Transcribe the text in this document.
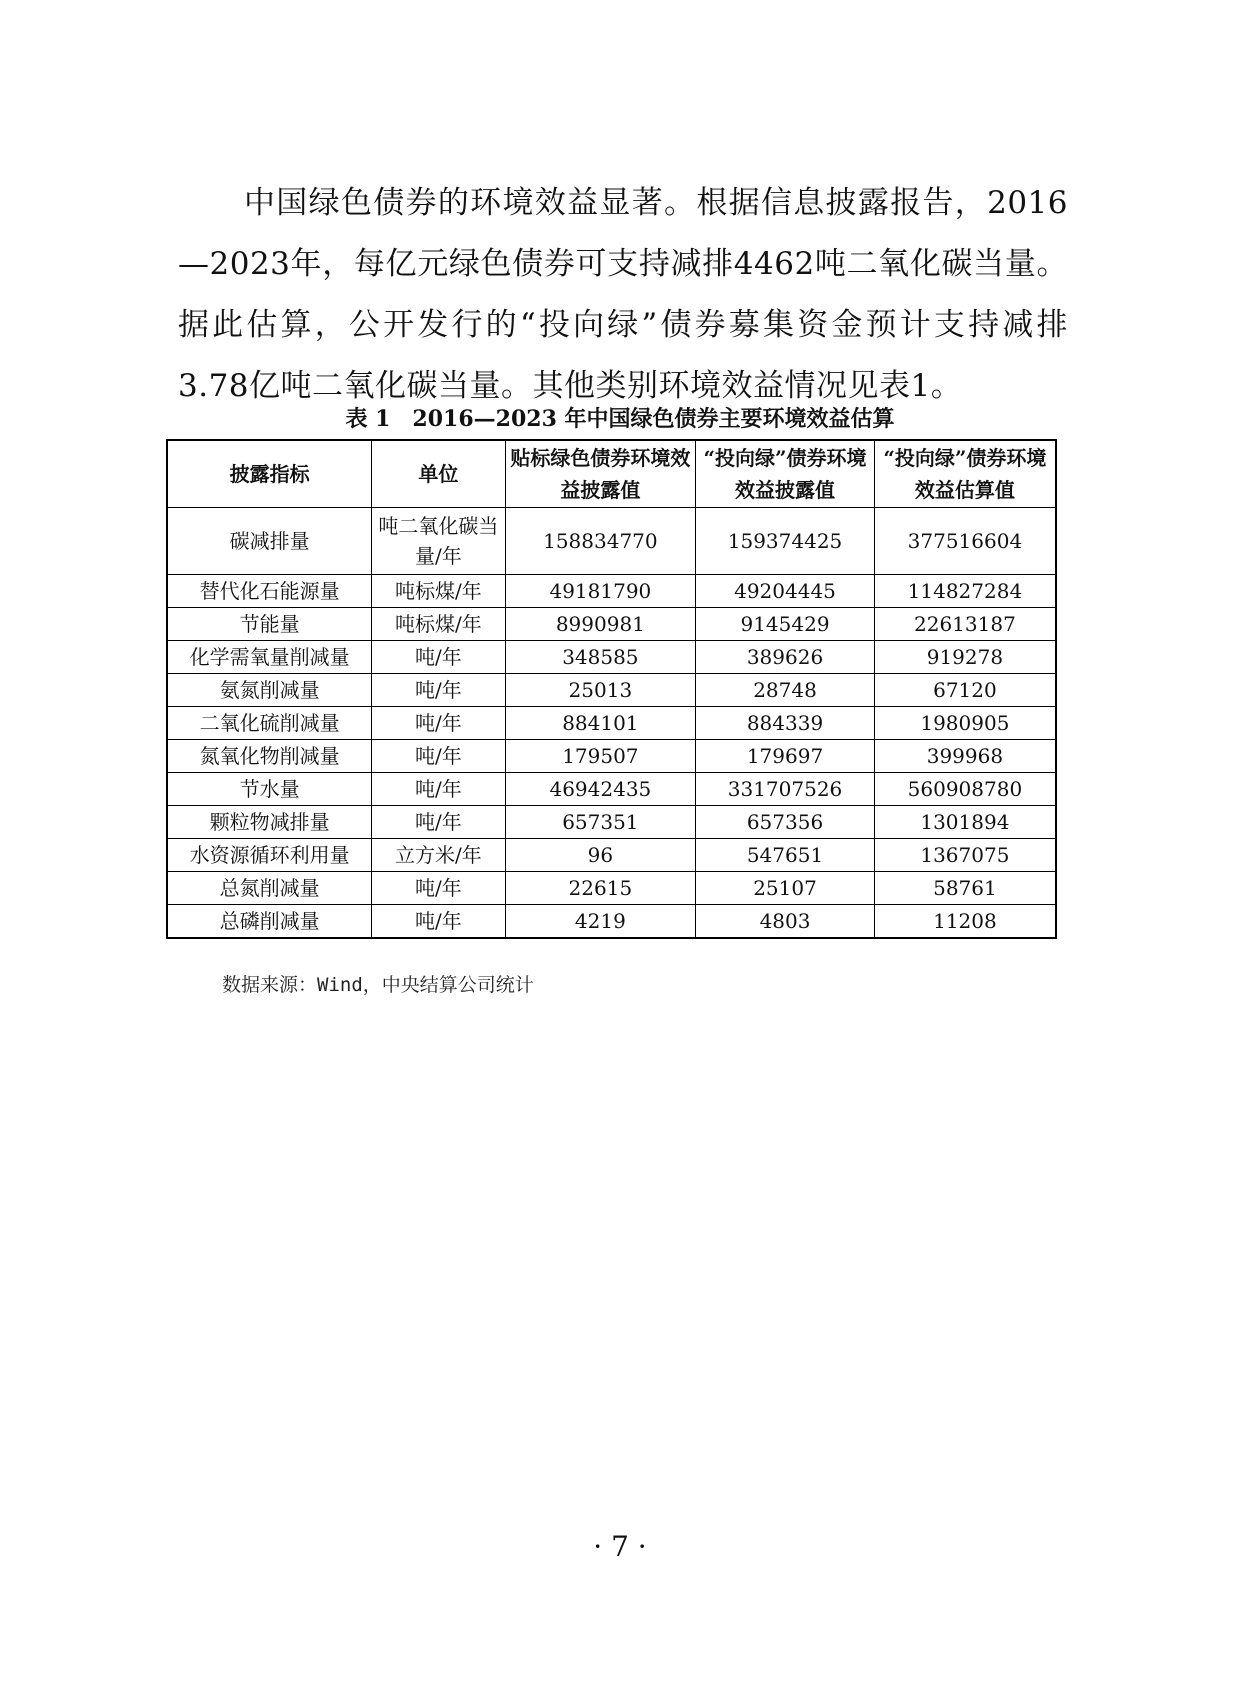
中国绿色债券的环境效益显著。根据信息披露报告，2016—2023年，每亿元绿色债券可支持减排4462吨二氧化碳当量。据此估算，公开发行的“投向绿”债券募集资金预计支持减排3.78亿吨二氧化碳当量。其他类别环境效益情况见表1。

表 1　2016—2023 年中国绿色债券主要环境效益估算
披露指标	单位	贴标绿色债券环境效益披露值	“投向绿”债券环境效益披露值	“投向绿”债券环境效益估算值
碳减排量	吨二氧化碳当量/年	158834770	159374425	377516604
替代化石能源量	吨标煤/年	49181790	49204445	114827284
节能量	吨标煤/年	8990981	9145429	22613187
化学需氧量削减量	吨/年	348585	389626	919278
氨氮削减量	吨/年	25013	28748	67120
二氧化硫削减量	吨/年	884101	884339	1980905
氮氧化物削减量	吨/年	179507	179697	399968
节水量	吨/年	46942435	331707526	560908780
颗粒物减排量	吨/年	657351	657356	1301894
水资源循环利用量	立方米/年	96	547651	1367075
总氮削减量	吨/年	22615	25107	58761
总磷削减量	吨/年	4219	4803	11208
数据来源：Wind，中央结算公司统计
· 7 ·
